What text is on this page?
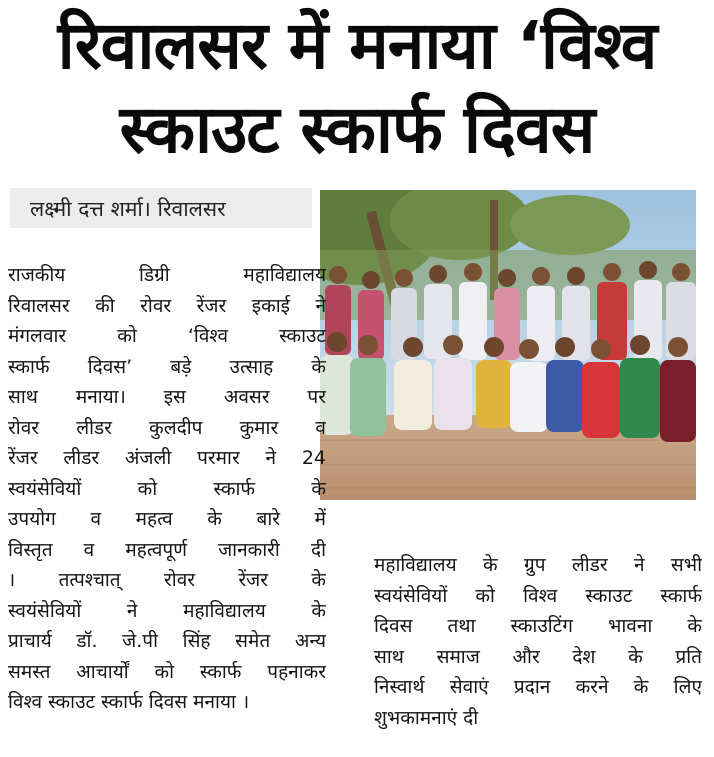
रिवालसर में मनाया ‘विश्व
स्काउट स्कार्फ दिवस
लक्ष्मी दत्त शर्मा। रिवालसर
राजकीय डिग्री महाविद्यालय
रिवालसर की रोवर रेंजर इकाई ने
मंगलवार को ‘विश्व स्काउट
स्कार्फ दिवस’ बड़े उत्साह के
साथ मनाया। इस अवसर पर
रोवर लीडर कुलदीप कुमार व
रेंजर लीडर अंजली परमार ने 24
स्वयंसेवियों को स्कार्फ के
उपयोग व महत्व के बारे में
विस्तृत व महत्वपूर्ण जानकारी दी
। तत्पश्चात् रोवर रेंजर के
स्वयंसेवियों ने महाविद्यालय के
प्राचार्य डॉ. जे.पी सिंह समेत अन्य
समस्त आचार्यों को स्कार्फ पहनाकर
विश्व स्काउट स्कार्फ दिवस मनाया ।
महाविद्यालय के ग्रुप लीडर ने सभी
स्वयंसेवियों को विश्व स्काउट स्कार्फ
दिवस तथा स्काउटिंग भावना के
साथ समाज और देश के प्रति
निस्वार्थ सेवाएं प्रदान करने के लिए
शुभकामनाएं दी
